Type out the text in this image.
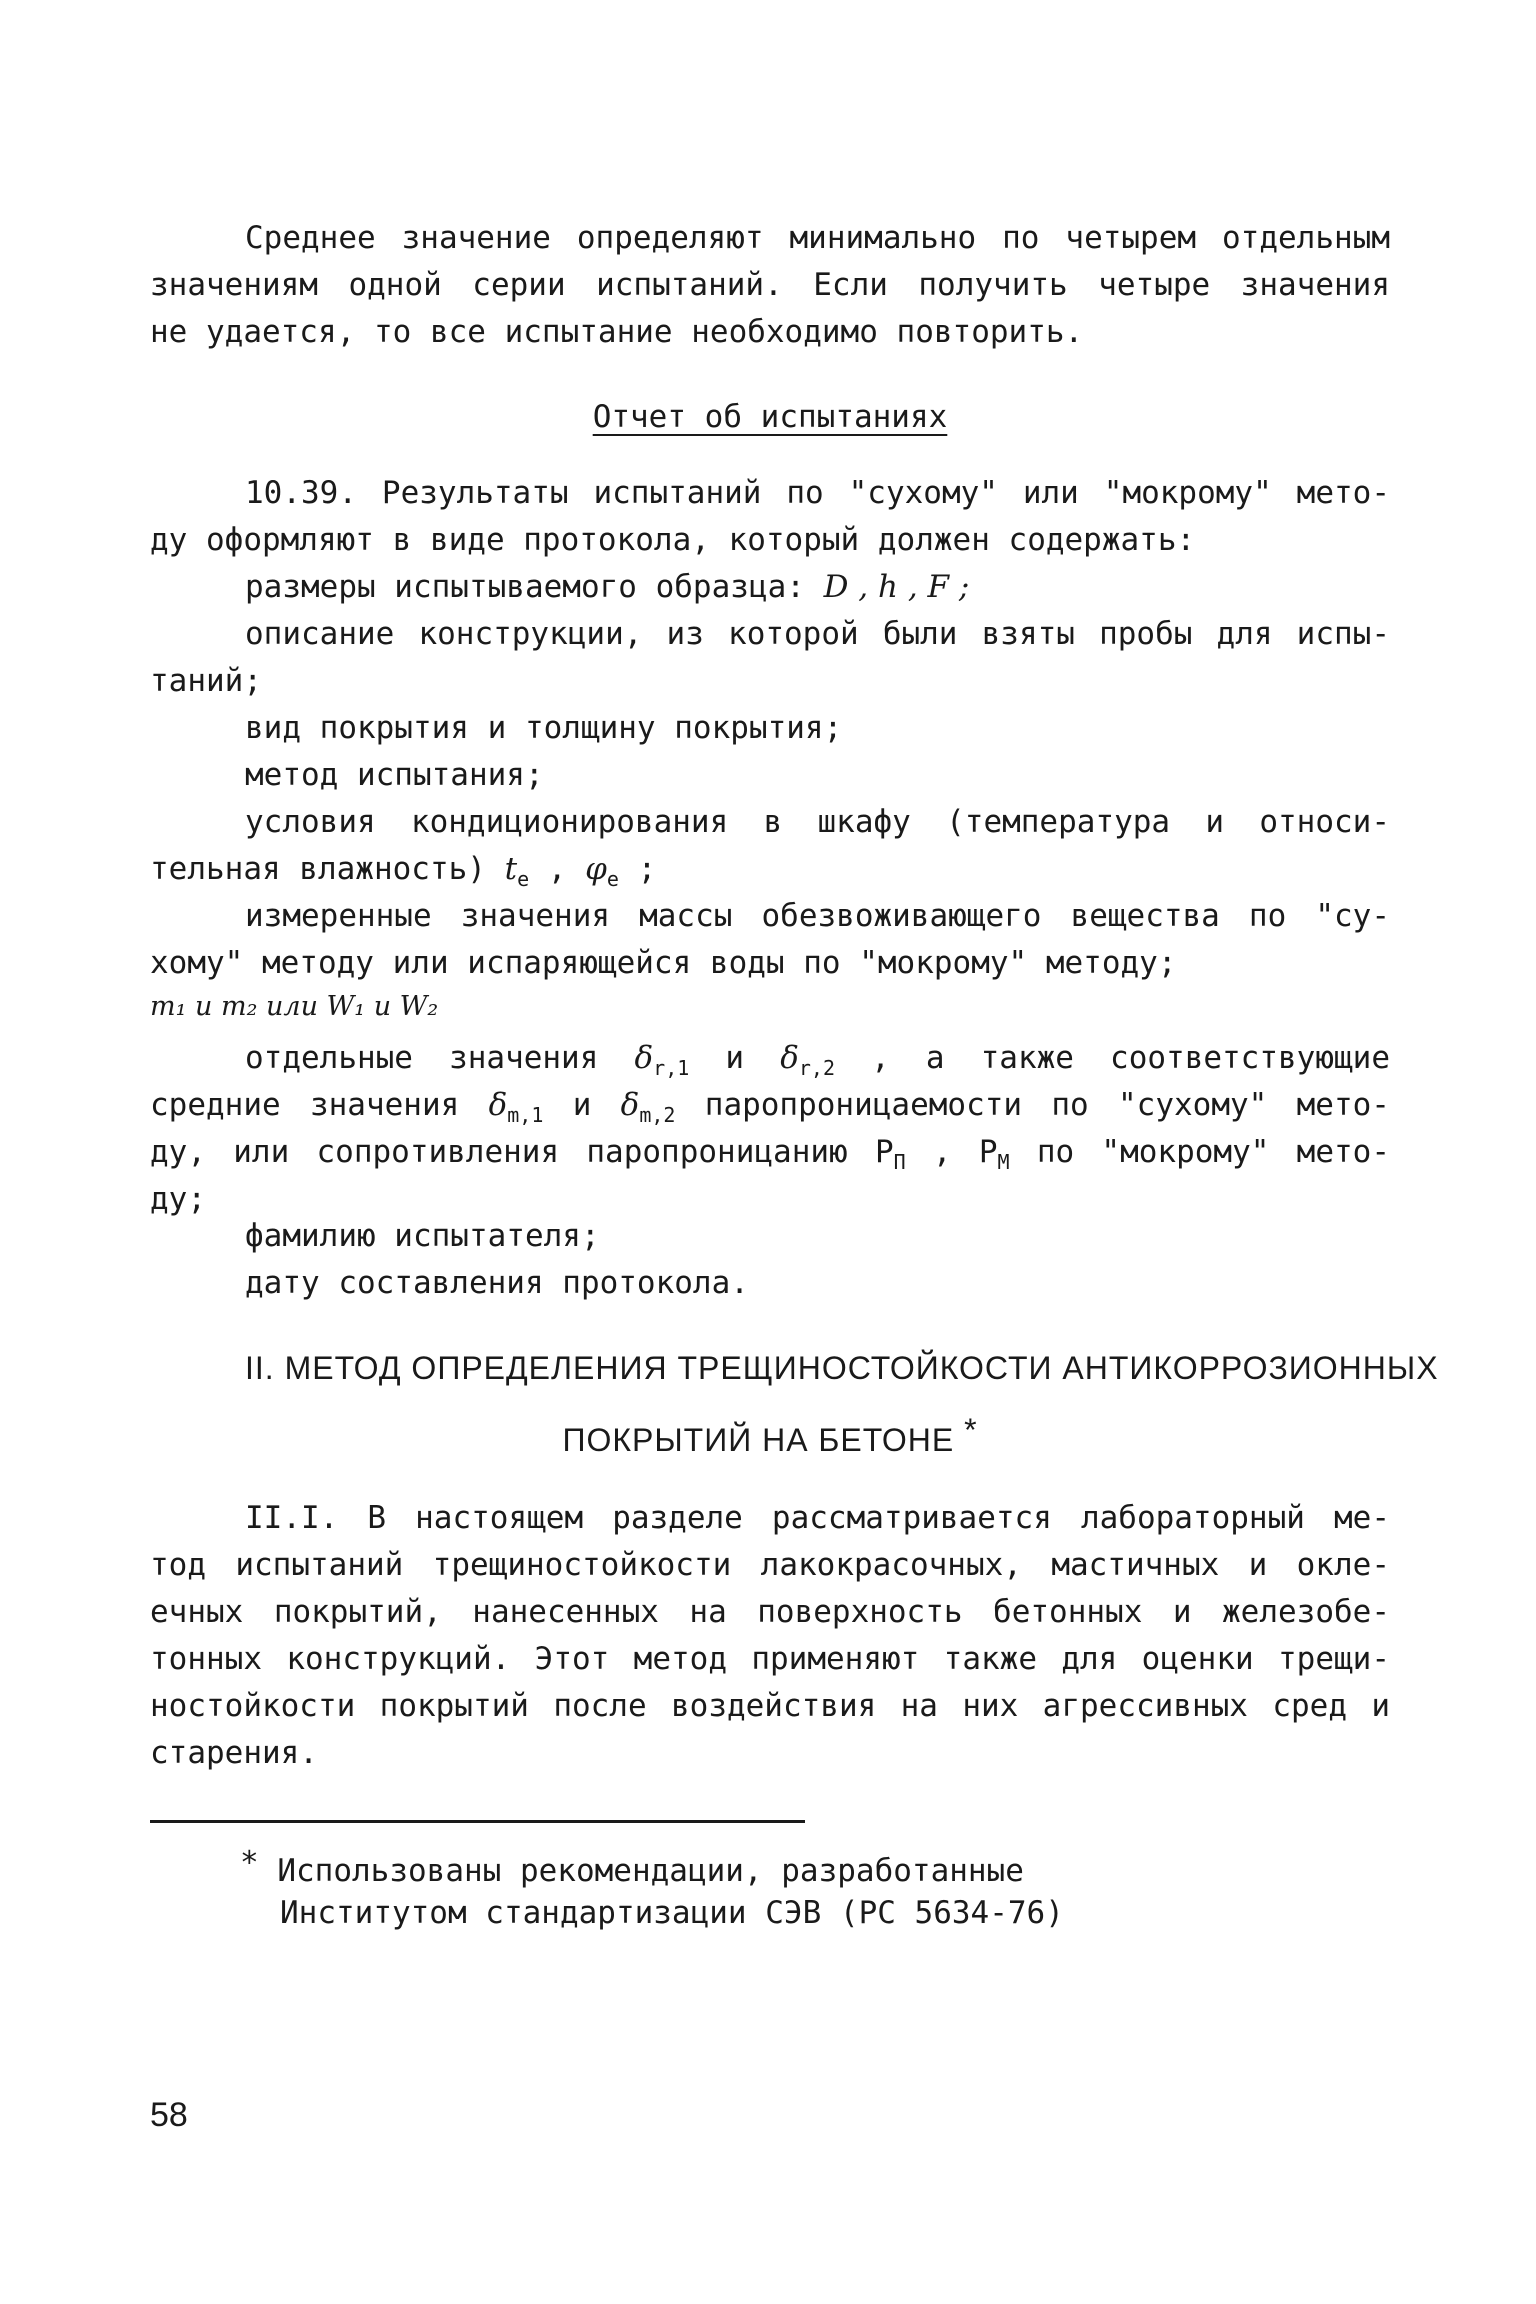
Среднее значение определяют минимально по четырем отдельным
значениям одной серии испытаний. Если получить четыре значения
не удается, то все испытание необходимо повторить.
Отчет об испытаниях
10.39. Результаты испытаний по "сухому" или "мокрому" мето-
ду оформляют в виде протокола, который должен содержать:
размеры испытываемого образца: D , h , F ;
описание конструкции, из которой были взяты пробы для испы-
таний;
вид покрытия и толщину покрытия;
метод испытания;
условия кондиционирования в шкафу (температура и относи-
тельная влажность) $t_e$ , $\varphi_e$ ;
измеренные значения массы обезвоживающего вещества по "су-
хому" методу или испаряющейся воды по "мокрому" методу;
m₁ и m₂ или W₁ и W₂
отдельные значения $\delta_{r,1}$ и $\delta_{r,2}$ , а также соответствующие
средние значения $\delta_{m,1}$ и $\delta_{m,2}$ паропроницаемости по "сухому" мето-
ду, или сопротивления паропроницанию $P_П$ , $P_M$ по "мокрому" мето-
ду;
фамилию испытателя;
дату составления протокола.
II. МЕТОД ОПРЕДЕЛЕНИЯ ТРЕЩИНОСТОЙКОСТИ АНТИКОРРОЗИОННЫХ
ПОКРЫТИЙ НА БЕТОНЕ *
II.I. В настоящем разделе рассматривается лабораторный ме-
тод испытаний трещиностойкости лакокрасочных, мастичных и окле-
ечных покрытий, нанесенных на поверхность бетонных и железобе-
тонных конструкций. Этот метод применяют также для оценки трещи-
ностойкости покрытий после воздействия на них агрессивных сред и
старения.
* Использованы рекомендации, разработанные
Институтом стандартизации СЭВ (PC 5634-76)
58
